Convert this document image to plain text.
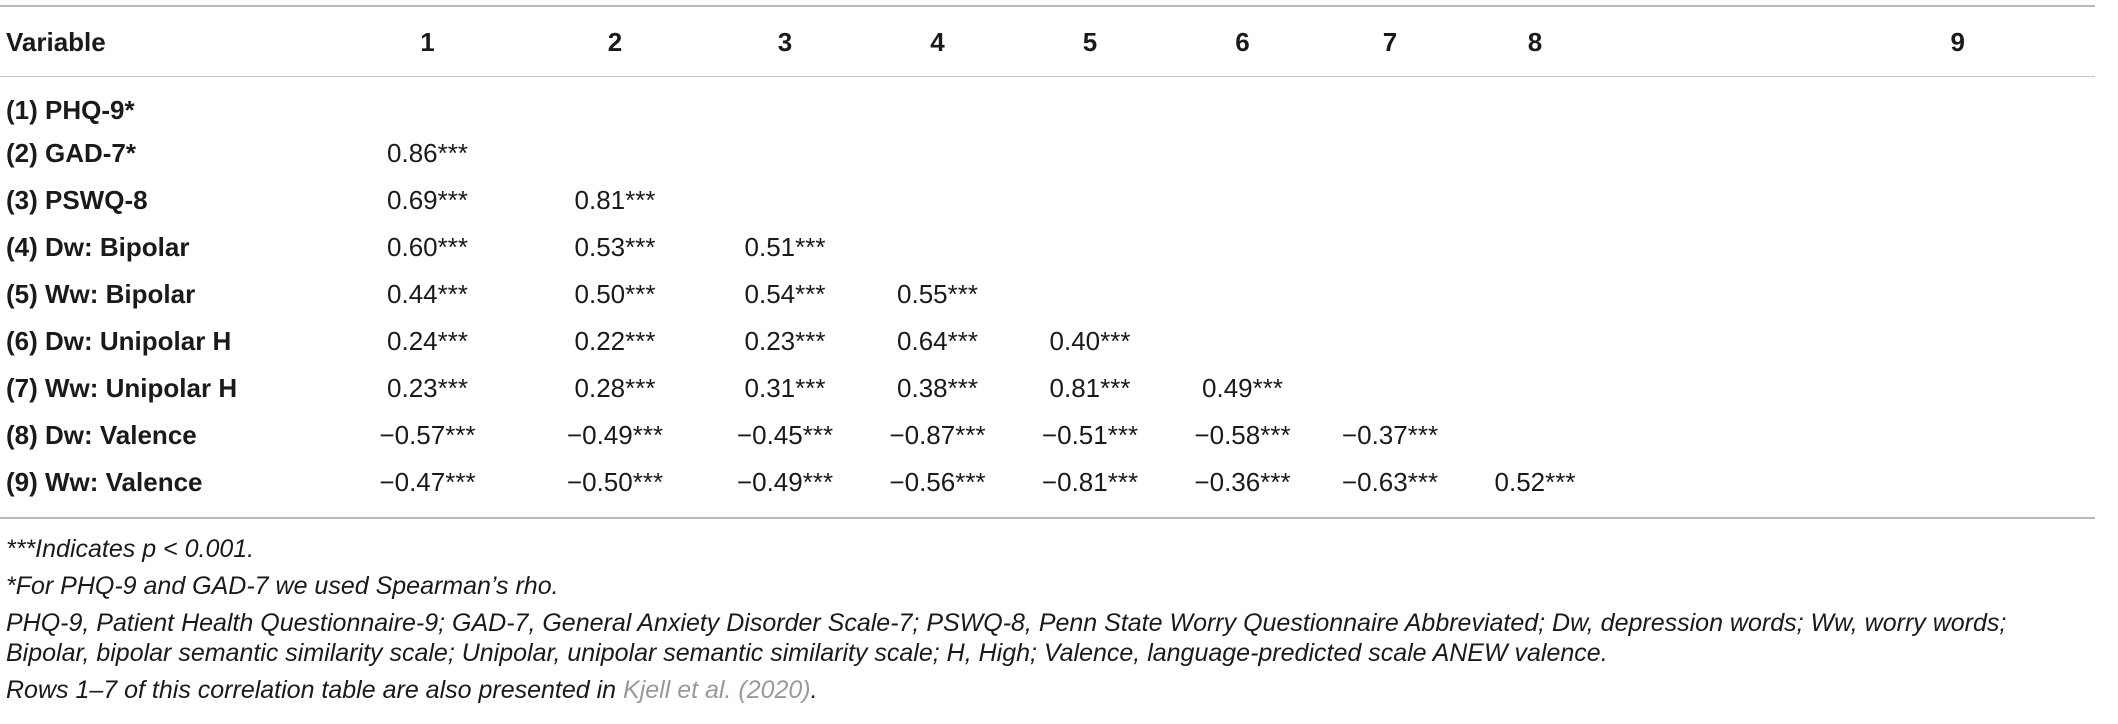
Variable	1	2	3	4	5	6	7	8	9
(1) PHQ-9*									
(2) GAD-7*	0.86***								
(3) PSWQ-8	0.69***	0.81***							
(4) Dw: Bipolar	0.60***	0.53***	0.51***						
(5) Ww: Bipolar	0.44***	0.50***	0.54***	0.55***					
(6) Dw: Unipolar H	0.24***	0.22***	0.23***	0.64***	0.40***				
(7) Ww: Unipolar H	0.23***	0.28***	0.31***	0.38***	0.81***	0.49***			
(8) Dw: Valence	−0.57***	−0.49***	−0.45***	−0.87***	−0.51***	−0.58***	−0.37***		
(9) Ww: Valence	−0.47***	−0.50***	−0.49***	−0.56***	−0.81***	−0.36***	−0.63***	0.52***	

***Indicates p < 0.001.

*For PHQ-9 and GAD-7 we used Spearman’s rho.

PHQ-9, Patient Health Questionnaire-9; GAD-7, General Anxiety Disorder Scale-7; PSWQ-8, Penn State Worry Questionnaire Abbreviated; Dw, depression words; Ww, worry words; Bipolar, bipolar semantic similarity scale; Unipolar, unipolar semantic similarity scale; H, High; Valence, language-predicted scale ANEW valence.

Rows 1–7 of this correlation table are also presented in Kjell et al. (2020).
